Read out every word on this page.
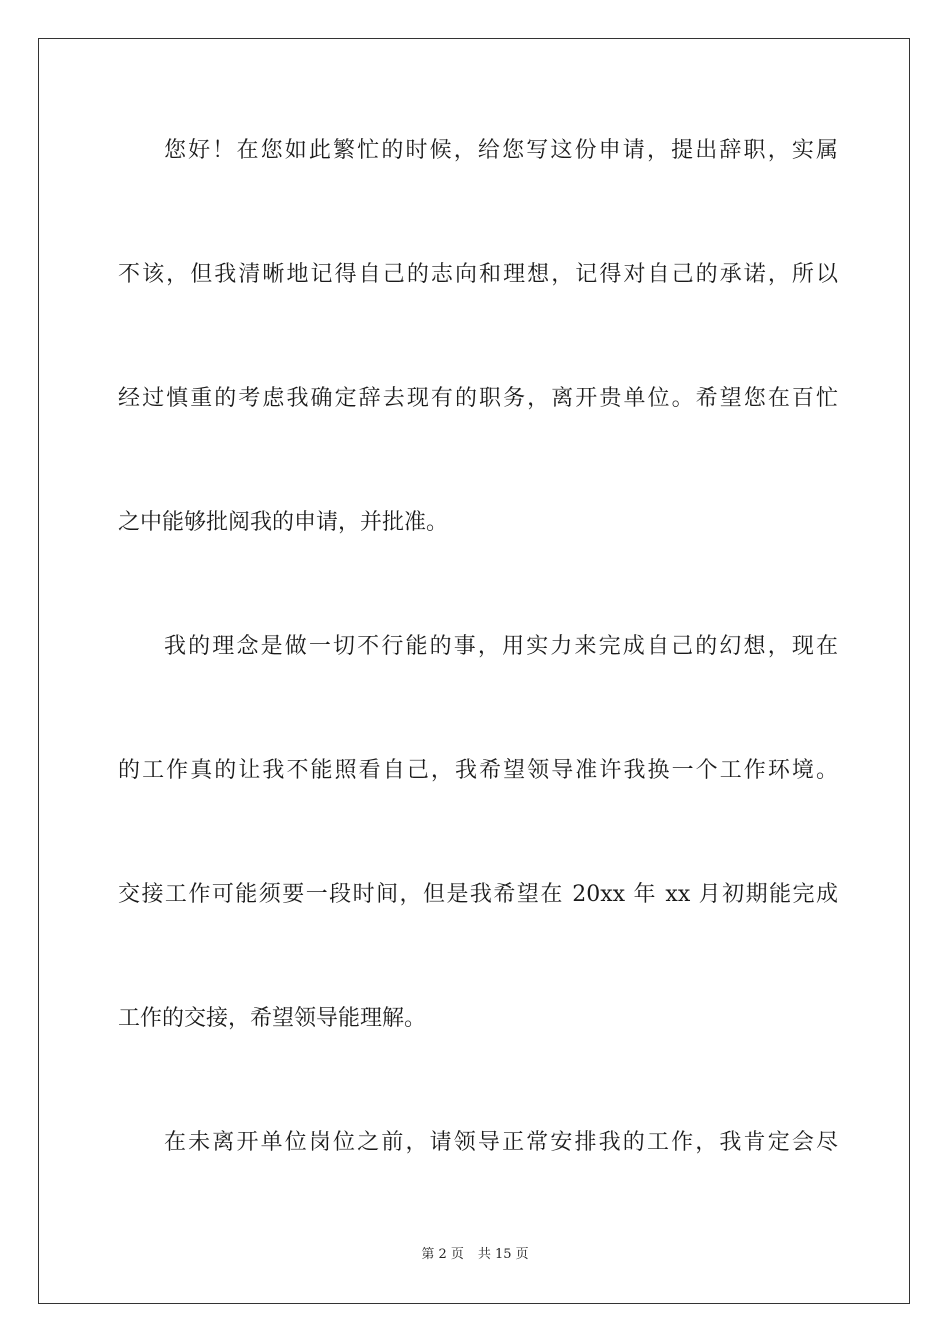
您好！在您如此繁忙的时候，给您写这份申请，提出辞职，实属
不该，但我清晰地记得自己的志向和理想，记得对自己的承诺，所以
经过慎重的考虑我确定辞去现有的职务，离开贵单位。希望您在百忙
之中能够批阅我的申请，并批准。
我的理念是做一切不行能的事，用实力来完成自己的幻想，现在
的工作真的让我不能照看自己，我希望领导准许我换一个工作环境。
交接工作可能须要一段时间，但是我希望在 20xx 年 xx 月初期能完成
工作的交接，希望领导能理解。
在未离开单位岗位之前，请领导正常安排我的工作，我肯定会尽
第 2 页 共 15 页
